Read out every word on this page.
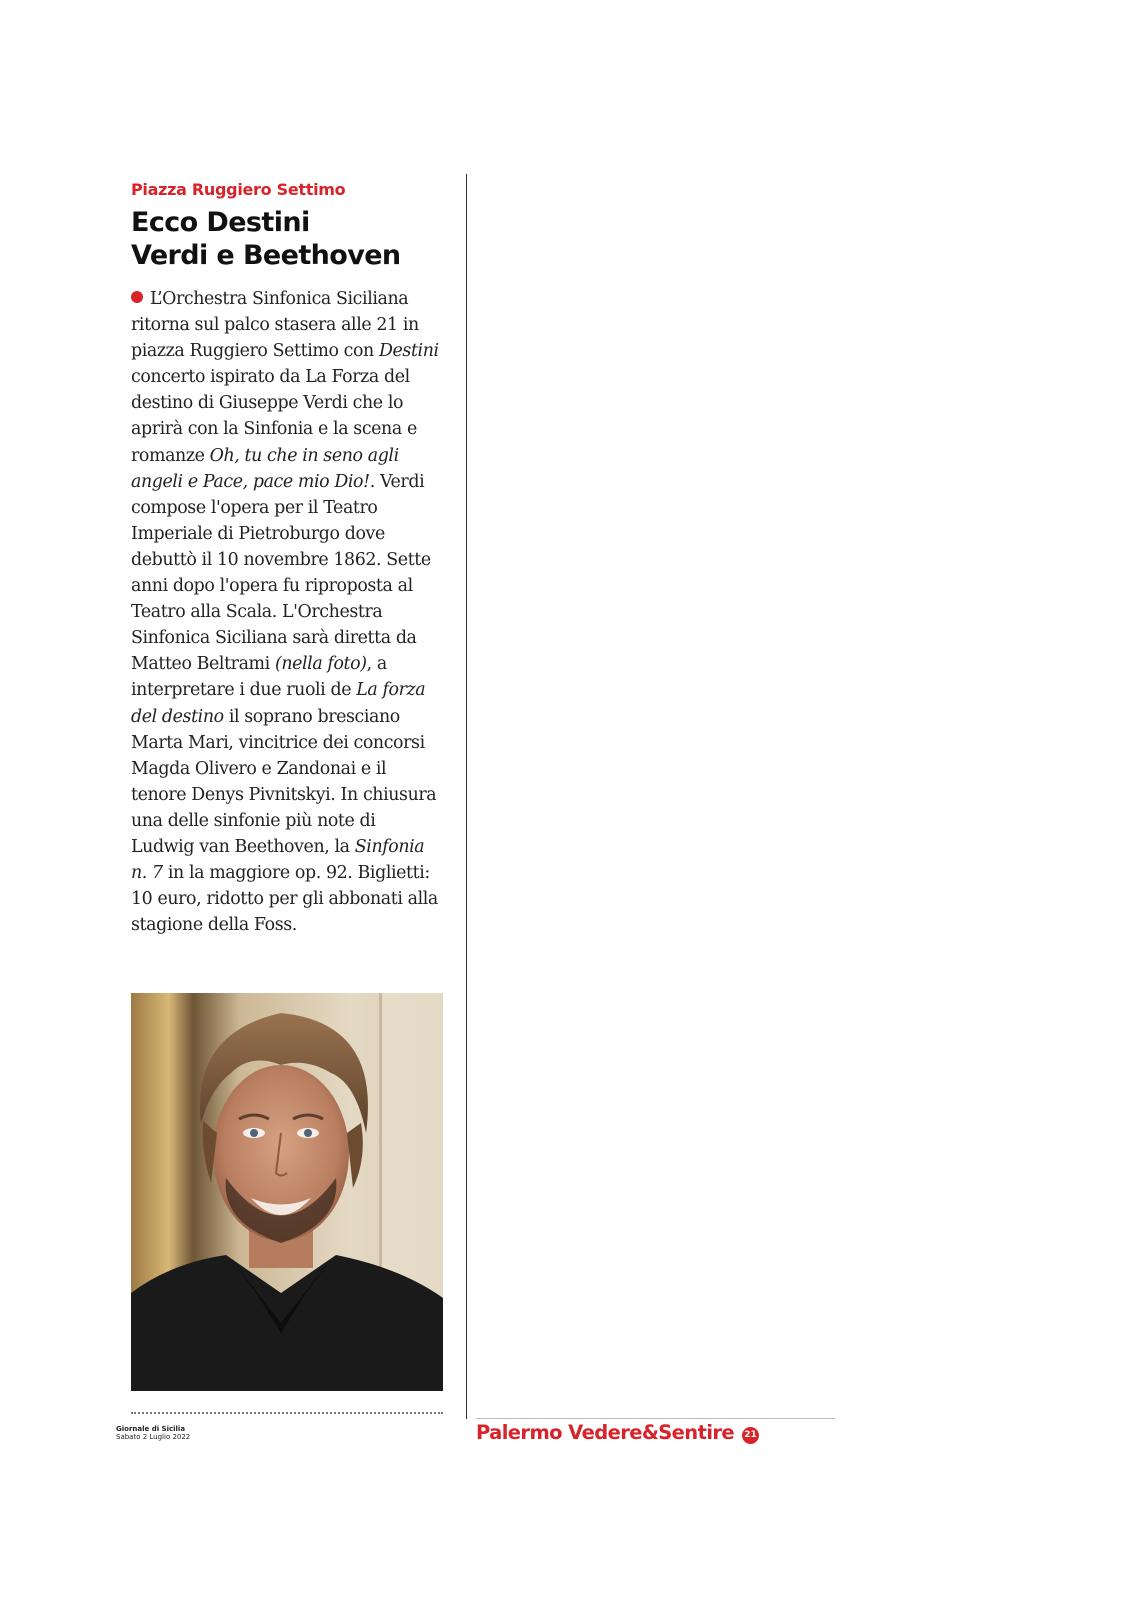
Piazza Ruggiero Settimo
Ecco Destini
Verdi e Beethoven

L’Orchestra Sinfonica Siciliana ritorna sul palco stasera alle 21 in piazza Ruggiero Settimo con Destini concerto ispirato da La Forza del destino di Giuseppe Verdi che lo aprirà con la Sinfonia e la scena e romanze Oh, tu che in seno agli angeli e Pace, pace mio Dio!. Verdi compose l'opera per il Teatro Imperiale di Pietroburgo dove debuttò il 10 novembre 1862. Sette anni dopo l'opera fu riproposta al Teatro alla Scala. L'Orchestra Sinfonica Siciliana sarà diretta da Matteo Beltrami (nella foto), a interpretare i due ruoli de La forza del destino il soprano bresciano Marta Mari, vincitrice dei concorsi Magda Olivero e Zandonai e il tenore Denys Pivnitskyi. In chiusura una delle sinfonie più note di Ludwig van Beethoven, la Sinfonia n. 7 in la maggiore op. 92. Biglietti: 10 euro, ridotto per gli abbonati alla stagione della Foss.

Giornale di Sicilia
Sabato 2 Luglio 2022	Palermo Vedere&Sentire 21
